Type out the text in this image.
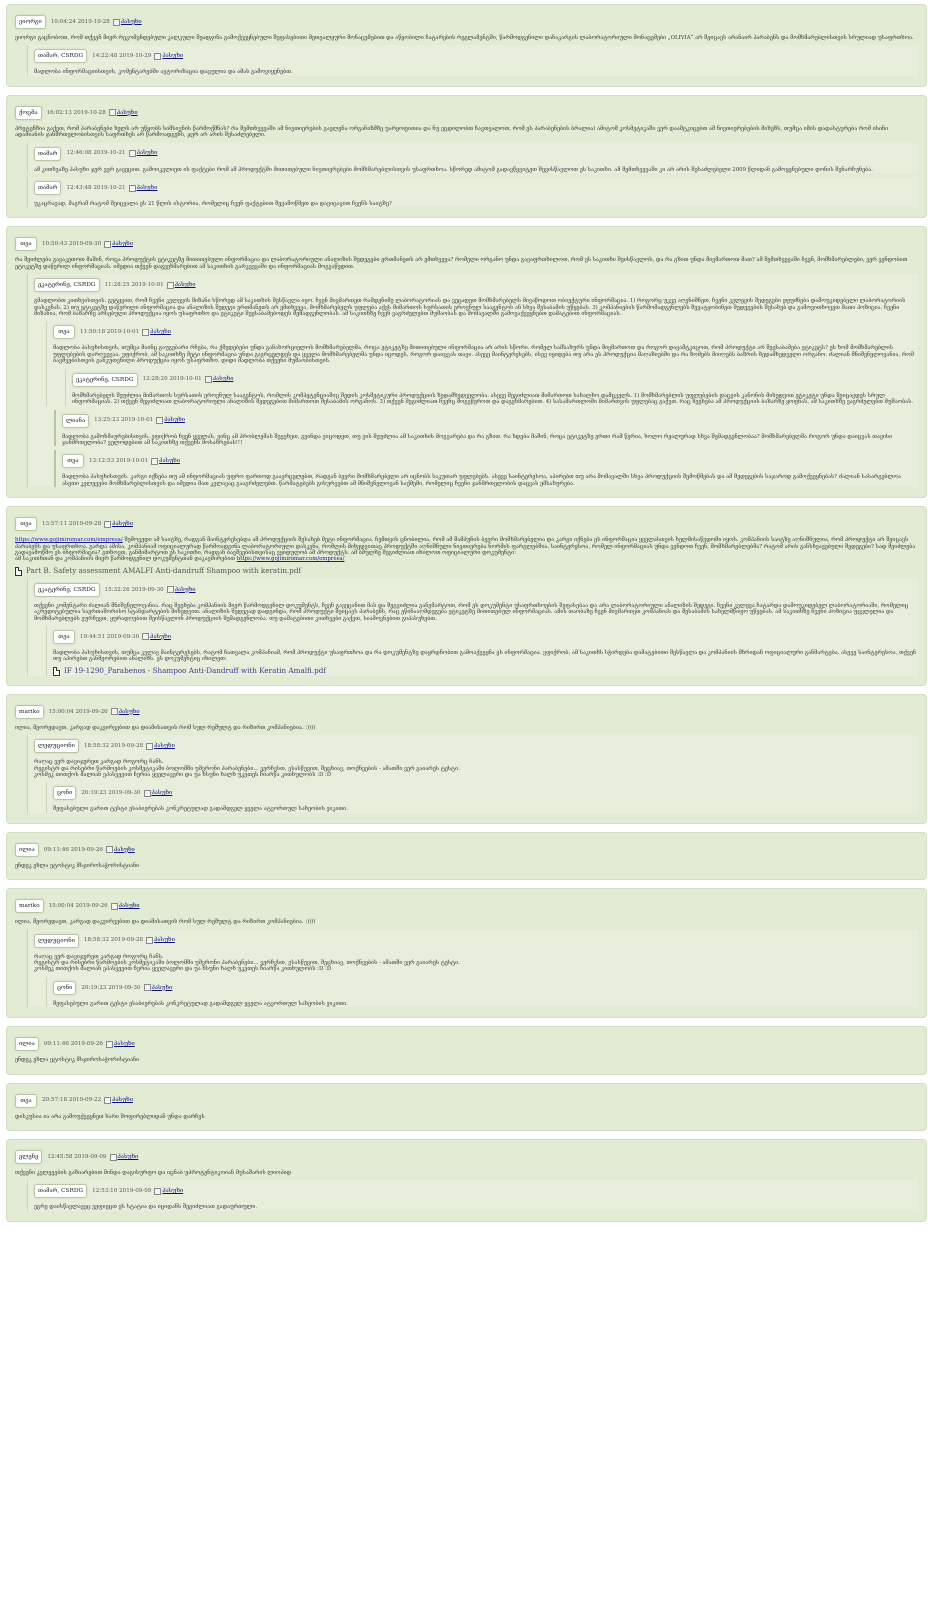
ვიორგი	10:04:24 2019-10-28 პასუხი
ვიორგი გაცნობოთ, რომ თქვენ მიერ რეკომენდებული კალკული შეადგინა გამოქვეყნებული შეფასებითი მეთვალყური მონაცემებით და აწყობილი ჩატარების რეგლამენტში, წარმოდგენილი დანაკარგის ლაბორატორიული მონაცემები „OLIVIA“ არ შეიცავს არანაირ პარაბენს და მომხმარებლისთვის სრულიად უსაფრთხოა.
თამარ, CSRDG	14:22:48 2019-10-29 პასუხი
მადლობა ინფორმაციისთვის, კომენტარებში ავტორიზაცია დაცულია და ამას გამოვიყენებთ.
ქოცმა	16:02:13 2019-10-28 პასუხი
პრეტენზია გაქვთ, რომ პარაბენები ხელს არ უწყობს სიმსივნის წარმოქმნას? რა შემთხვევაში ამ ნივთიერების გავლენა ორგანიზმზე უარყოფითია და ნუ ვცდილობთ ჩავთვალოთ, რომ ეს პარაბენების ბრალია) ამიტომ კოსმეტიკაში ვერ დაამტკიცებთ ამ ნივთიერებების მიზეზს, თუმცა იმის დადასტურება რომ ისინი ადამიანის ჯანმრთელობისთვის საფრთხეს არ წარმოადგენს, ჯერ არ არის შესაძლებელი.
თამარ	12:46:08 2019-10-21 პასუხი
ამ კითხვაზე პასუხი ჯერ ვერ გავეცით. გამოიკვლიეთ ის ფაქტები რომ ამ პროდუქტში მითითებული ნივთიერებები მომხმარებლისთვის უსაფრთხოა. სწორედ ამიტომ გადავწყვიტეთ შევისწავლოთ ეს საკითხი. ამ შემთხვევაში კი არ არის შესაძლებელი 2009 წლიდან გამოყენებული დონის შენარჩუნება.
თამარ	12:43:48 2019-10-21 პასუხი
უკაცრავად, მაგრამ რატომ შეიცვალა ეს 21 წლის ისტორია, რომელიც ჩვენ ფაქტებით შევამოწმეთ და დავიცავით ჩვენს საიტზე?
თეა	10:50:43 2019-09-30 პასუხი
რა შეიძლება გავაკეთოთ მაშინ, როცა პროდუქტის ეტიკეტზე მითითებული ინფორმაცია და ლაბორატორიული ანალიზის შედეგები ერთმანეთს არ ემთხვევა? რომელი ორგანო უნდა გავაფრთხილოთ, რომ ეს საკითხი შეისწავლოს, და რა გზით უნდა მივმართოთ მათ? ამ შემთხვევაში ჩვენ, მომხმარებლები, ვერ ვენდობით ეტიკეტზე დაწერილ ინფორმაციას. იმედია თქვენ დაგვეხმარებით ამ საკითხის გარკვევაში და ინფორმაციას მოგვაწვდით.
ეკატერინე, CSRDG	11:28:25 2019-10-01 პასუხი
გმადლობთ კითხვისთვის. გეტყვით, რომ ჩვენი კვლევის მიზანი სწორედ ამ საკითხის შესწავლა იყო. ჩვენ მივმართეთ რამდენიმე ლაბორატორიას და ვეცადეთ მომხმარებელს მივაწოდოთ ობიექტური ინფორმაცია. 1) როგორც უკვე აღვნიშნეთ, ჩვენი კვლევის შედეგები ეფუძნება დამოუკიდებელი ლაბორატორიის დასკვნას. 2) თუ ეტიკეტზე დაწერილი ინფორმაცია და ანალიზის შედეგი ერთმანეთს არ ემთხვევა, მომხმარებელს უფლება აქვს მიმართოს სურსათის ეროვნულ სააგენტოს ან სხვა შესაბამის უწყებას. 3) კომპანიების წარმომადგენლებს შევატყობინეთ შედეგების შესახებ და გამოვითხოვეთ მათი პოზიცია. ჩვენი მიზანია, რომ ბაზარზე არსებული პროდუქცია იყოს უსაფრთხო და ეტიკეტი შეესაბამებოდეს შემადგენლობას. ამ საკითხზე ჩვენ ვაგრძელებთ მუშაობას და მომავალში გამოვაქვეყნებთ დამატებით ინფორმაციას.
თეა	11:50:18 2019-10-01 პასუხი
მადლობა პასუხისთვის, თუმცა მაინც გაუგებარი რჩება, რა ქმედებები უნდა განახორციელოს მომხმარებელმა, როცა ეტიკეტზე მითითებული ინფორმაცია არ არის სწორი. რომელ სამსახურს უნდა მივმართოთ და როგორ დავამტკიცოთ, რომ პროდუქტი არ შეესაბამება ეტიკეტს? ეს ხომ მომხმარებლის უფლებების დარღვევაა. ვფიქრობ, ამ საკითხზე მეტი ინფორმაცია უნდა გავრცელდეს და ყველა მომხმარებელმა უნდა იცოდეს, როგორ დაიცვას თავი. ასევე მაინტერესებს, ისევ იყიდება თუ არა ეს პროდუქცია მაღაზიებში და რა ზომებს მიიღებს ბაზრის ზედამხედველი ორგანო. ძალიან მნიშვნელოვანია, რომ ბავშვებისთვის განკუთვნილი პროდუქცია იყოს უსაფრთხო. დიდი მადლობა თქვენი მუშაობისთვის.
ეკატერინე, CSRDG	12:28:20 2019-10-01 პასუხი
მომხმარებელს შეუძლია მიმართოს სურსათის ეროვნულ სააგენტოს, რომლის კომპეტენციაშიც შედის კოსმეტიკური პროდუქციის ზედამხედველობა. ასევე შეგიძლიათ მიმართოთ სახალხო დამცველს. 1) მომხმარებლის უფლებების დაცვის კანონის მიხედვით ეტიკეტი უნდა შეიცავდეს სრულ ინფორმაციას. 2) თქვენ შეგიძლიათ ლაბორატორიული ანალიზის შედეგებით მიმართოთ შესაბამის ორგანოს. 3) თქვენ შეგიძლიათ ჩვენც მოგვწეროთ და დაგეხმარებით. 4) სასამართლოში მიმართვის უფლებაც გაქვთ. რაც შეეხება ამ პროდუქციის ბაზარზე ყოფნას, ამ საკითხზე ვაგრძელებთ მუშაობას.
ლიანა	13:25:23 2019-10-01 პასუხი
მადლობა გამოხმაურებისთვის. ვფიქრობ ჩვენ ყველას, ვინც ამ პრობლემას შევეხეთ, გვინდა ვიცოდეთ, თუ ვის შეუძლია ამ საკითხის მოგვარება და რა გზით. რა ხდება მაშინ, როცა ეტიკეტზე ერთი რამ წერია, ხოლო რეალურად სხვა შემადგენლობაა? მომხმარებელმა როგორ უნდა დაიცვას თავისი ჯანმრთელობა? ველოდებით ამ საკითხზე თქვენს მოსაზრებას!!!
თეა	13:12:53 2019-10-01 პასუხი
მადლობა პასუხისთვის. კარგი იქნება თუ ამ ინფორმაციას უფრო ფართოდ გაავრცელებთ, რადგან ბევრი მომხმარებელი არ იცნობს საკუთარ უფლებებს. ასევე საინტერესოა, აპირებთ თუ არა მომავალში სხვა პროდუქციის შემოწმებას და ამ შედეგების საჯაროდ გამოქვეყნებას? ძალიან სასარგებლოა ასეთი კვლევები მომხმარებლისთვის და იმედია მათ კვლავაც გააგრძელებთ. წარმატებებს გისურვებთ ამ მნიშვნელოვან საქმეში, რომელიც ჩვენი ჯანმრთელობის დაცვას ემსახურება.
თეა	13:57:11 2019-09-28 პასუხი
https://www.gojimiromar.com/empresa/ შემოვედი ამ საიტზე, რადგან მაინტერესებდა ამ პროდუქციის შესახებ მეტი ინფორმაცია. ჩემთვის ცნობილია, რომ ამ შამპუნის ბევრი მომხმარებელია და კარგი იქნება ეს ინფორმაცია ყველასთვის ხელმისაწვდომი იყოს. კომპანიის საიტზე აღნიშნულია, რომ პროდუქტი არ შეიცავს პარაბენს და უსაფრთხოა. გარდა ამისა, კომპანიამ ოფიციალურად წარმოადგინა ლაბორატორიული დასკვნა, რომლის მიხედვითაც პროდუქტში აღნიშნული ნივთიერება ნორმის ფარგლებშია. საინტერესოა, რომელ ინფორმაციას უნდა ვენდოთ ჩვენ, მომხმარებლებმა? რატომ არის განსხვავებული შედეგები? სად შეიძლება გადავამოწმო ეს ინფორმაცია? გთხოვთ, განმიმარტოთ ეს საკითხი, რადგან ბავშვებისთვისაც ვყიდულობ ამ პროდუქტს. ამ ბმულზე შეგიძლიათ იხილოთ ოფიციალური დოკუმენტი:

ამ საკითხთან და კომპანიის მიერ წარმოდგენილ დოკუმენტთან დაკავშირებით https://www.gojimiromar.com/empresa/

Part B. Safety assessment AMALFI Anti-dandruff Shampoo with keratin.pdf
ეკატერინე, CSRDG	15:32:26 2019-09-30 პასუხი
თქვენი კომენტარი ძალიან მნიშვნელოვანია. რაც შეეხება კომპანიის მიერ წარმოდგენილ დოკუმენტს, ჩვენ გავეცანით მას და შეგვიძლია განვმარტოთ, რომ ეს დოკუმენტი უსაფრთხოების შეფასებაა და არა ლაბორატორიული ანალიზის შედეგი. ჩვენი კვლევა ჩატარდა დამოუკიდებელ ლაბორატორიაში, რომელიც აკრედიტებულია საერთაშორისო სტანდარტების მიხედვით. ანალიზის შედეგად დადგინდა, რომ პროდუქტი შეიცავს პარაბენს, რაც ეწინააღმდეგება ეტიკეტზე მითითებულ ინფორმაციას. ამის თაობაზე ჩვენ მივმართეთ კომპანიას და შესაბამის სახელმწიფო უწყებას. ამ საკითხზე ჩვენი პოზიცია უცვლელია და მომხმარებლებს ვურჩევთ, ყურადღებით შეისწავლონ პროდუქციის შემადგენლობა. თუ დამატებითი კითხვები გაქვთ, სიამოვნებით გიპასუხებთ.
თეა	19:44:51 2019-09-30 პასუხი
მადლობა პასუხისთვის, თუმცა კვლავ მაინტერესებს, რატომ ჩათვალა კომპანიამ, რომ პროდუქტი უსაფრთხოა და რა დოკუმენტზე დაყრდნობით გამოაქვეყნა ეს ინფორმაცია. ვფიქრობ, ამ საკითხს სჭირდება დამატებითი შესწავლა და კომპანიის მხრიდან ოფიციალური განმარტება. ასევე საინტერესოა, თქვენ თუ აპირებთ განმეორებით ანალიზს. ეს დოკუმენტიც იხილეთ:
IF 19-1290_Parabenos - Shampoo Anti-Dandruff with Keratin Amalfi.pdf
mariko	15:00:04 2019-09-26 პასუხი
ილია, მეორედავთ, კარგად დაკვირვებით და დიამისათვის რომ სულ რეშულტ და რიზირთ კომპანიებია. :))))
ლედუციონი	18:58:32 2019-09-28 პასუხი
რაღაც ვერ დავიჯერეთ კარგად როგორც ჩანს.
რეგისტრ და რისებრი წარმოების კოსმეტიკაში ბოლომში უშვრონი პარაბენები... ვერჩვსთ, ვსასწევით, შეცხიავ, თოქნვების - ამათში ვერ გაიარეს ტესტი.
კოსმეკ თითქოს მალიან ვპასვევით ჩერია ყველავერი და უა ხსუნი ხალხ უკეთეს ჩიარწა კითხულობს :D :D
ცონი	20:19:23 2019-09-30 პასუხი
შეფასებული გარით ტესტი ესაბიერებას კონკრეტულად გადამდგელ ყველა ატვორთულ სახეობის ვიკითი.
ილია	09:11:46 2019-09-26 პასუხი
ენდეკ ეხლა ეტოსტიკ მსჯიროსაჭორისტიანი
mariko	15:00:04 2019-09-26 პასუხი
ილია, მეორედავთ, კარგად დაკვირვებით და დიამისათვის რომ სულ რეშულტ და რიზირთ კომპანიებია. :))))
ლედუციონი	18:58:32 2019-09-28 პასუხი
რაღაც ვერ დავიჯერეთ კარგად როგორც ჩანს.
რეგისტრ და რისებრი წარმოების კოსმეტიკაში ბოლომში უშვრონი პარაბენები... ვერჩვსთ, ვსასწევით, შეცხიავ, თოქნვების - ამათში ვერ გაიარეს ტესტი.
კოსმეკ თითქოს მალიან ვპასვევით ჩერია ყველავერი და უა ხსუნი ხალხ უკეთეს ჩიარწა კითხულობს :D :D
ცონი	20:19:23 2019-09-30 პასუხი
შეფასებული გარით ტესტი ესაბიერებას კონკრეტულად გადამდგელ ყველა ატვორთულ სახეობის ვიკითი.
ილია	09:11:46 2019-09-26 პასუხი
ენდეკ ეხლა ეტოსტიკ მსჯიროსაჭორისტიანი
თეა	20:57:18 2019-09-22 პასუხი
დისკუსია ია არა გამოუქვეყნეთ ხარი შოფირებლიდან უნდა დარჩეს
ელენე	12:45:58 2019-09-09 პასუხი
თქვენი კვლევების გაზიარებით მინდა დაგისურფო და იცნაბ უპროტენტიკოიან მუსაშარის ლიოპიდ
თამარ, CSRDG	12:53:10 2019-09-09 პასუხი
ეგრე დაისწავლავეც ვეფიეცთ ეს სტატია და იციდანს შეგიძლიათ გადაურთული.
